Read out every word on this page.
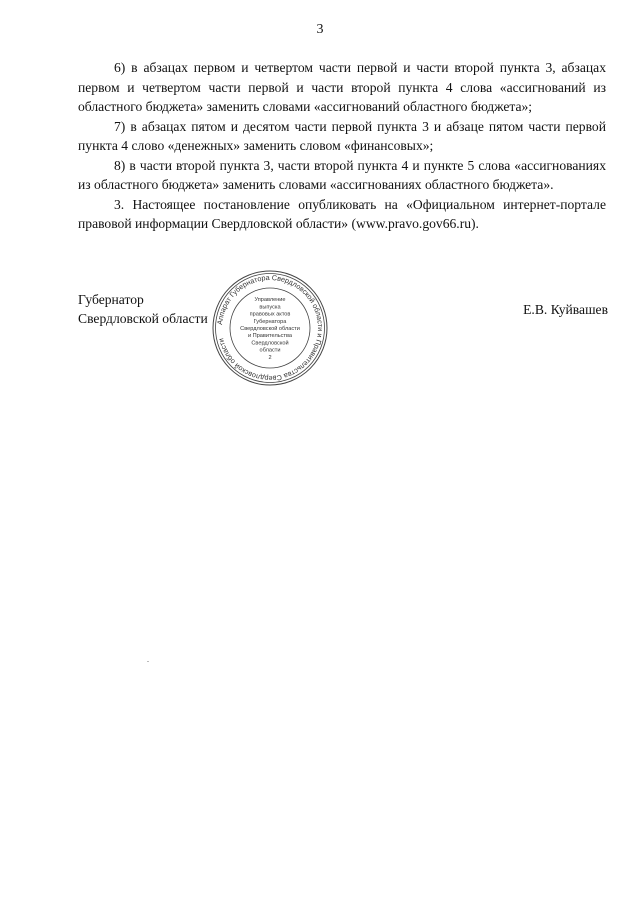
3

6) в абзацах первом и четвертом части первой и части второй пункта 3, абзацах первом и четвертом части первой и части второй пункта 4 слова «ассигнований из областного бюджета» заменить словами «ассигнований областного бюджета»;

7) в абзацах пятом и десятом части первой пункта 3 и абзаце пятом части первой пункта 4 слово «денежных» заменить словом «финансовых»;

8) в части второй пункта 3, части второй пункта 4 и пункте 5 слова «ассигнованиях из областного бюджета» заменить словами «ассигнованиях областного бюджета».

3. Настоящее постановление опубликовать на «Официальном интернет-портале правовой информации Свердловской области» (www.pravo.gov66.ru).

Губернатор
Свердловской области
Е.В. Куйвашев
Аппарат Губернатора Свердловской области и Правительства Свердловской области
Управление
выпуска
правовых актов
Губернатора
Свердловской области
и Правительства
Свердловской
области
2
